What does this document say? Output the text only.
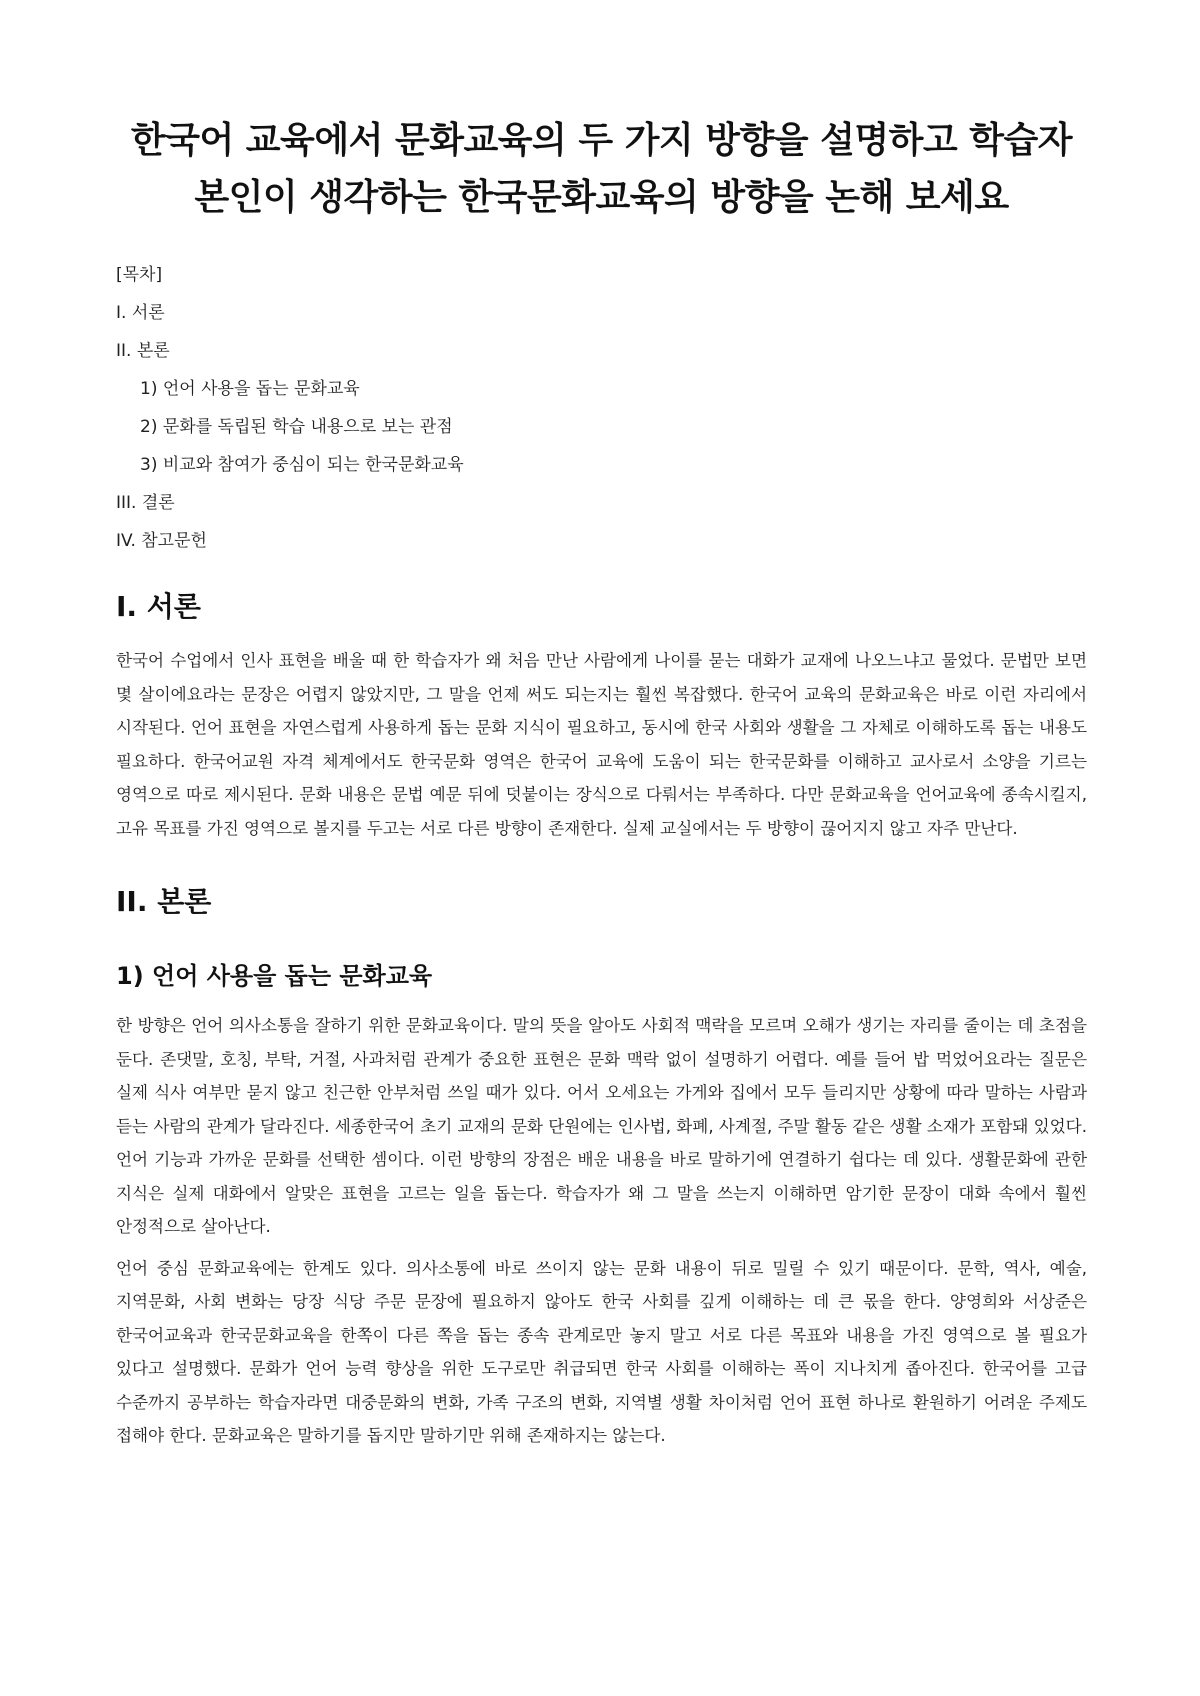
한국어 교육에서 문화교육의 두 가지 방향을 설명하고 학습자 본인이 생각하는 한국문화교육의 방향을 논해 보세요
[목차]
I. 서론
II. 본론
1) 언어 사용을 돕는 문화교육
2) 문화를 독립된 학습 내용으로 보는 관점
3) 비교와 참여가 중심이 되는 한국문화교육
III. 결론
IV. 참고문헌
I. 서론

한국어 수업에서 인사 표현을 배울 때 한 학습자가 왜 처음 만난 사람에게 나이를 묻는 대화가 교재에 나오느냐고 물었다. 문법만 보면 몇 살이에요라는 문장은 어렵지 않았지만, 그 말을 언제 써도 되는지는 훨씬 복잡했다. 한국어 교육의 문화교육은 바로 이런 자리에서 시작된다. 언어 표현을 자연스럽게 사용하게 돕는 문화 지식이 필요하고, 동시에 한국 사회와 생활을 그 자체로 이해하도록 돕는 내용도 필요하다. 한국어교원 자격 체계에서도 한국문화 영역은 한국어 교육에 도움이 되는 한국문화를 이해하고 교사로서 소양을 기르는 영역으로 따로 제시된다. 문화 내용은 문법 예문 뒤에 덧붙이는 장식으로 다뤄서는 부족하다. 다만 문화교육을 언어교육에 종속시킬지, 고유 목표를 가진 영역으로 볼지를 두고는 서로 다른 방향이 존재한다. 실제 교실에서는 두 방향이 끊어지지 않고 자주 만난다.

II. 본론
1) 언어 사용을 돕는 문화교육

한 방향은 언어 의사소통을 잘하기 위한 문화교육이다. 말의 뜻을 알아도 사회적 맥락을 모르며 오해가 생기는 자리를 줄이는 데 초점을 둔다. 존댓말, 호칭, 부탁, 거절, 사과처럼 관계가 중요한 표현은 문화 맥락 없이 설명하기 어렵다. 예를 들어 밥 먹었어요라는 질문은 실제 식사 여부만 묻지 않고 친근한 안부처럼 쓰일 때가 있다. 어서 오세요는 가게와 집에서 모두 들리지만 상황에 따라 말하는 사람과 듣는 사람의 관계가 달라진다. 세종한국어 초기 교재의 문화 단원에는 인사법, 화폐, 사계절, 주말 활동 같은 생활 소재가 포함돼 있었다. 언어 기능과 가까운 문화를 선택한 셈이다. 이런 방향의 장점은 배운 내용을 바로 말하기에 연결하기 쉽다는 데 있다. 생활문화에 관한 지식은 실제 대화에서 알맞은 표현을 고르는 일을 돕는다. 학습자가 왜 그 말을 쓰는지 이해하면 암기한 문장이 대화 속에서 훨씬 안정적으로 살아난다.

언어 중심 문화교육에는 한계도 있다. 의사소통에 바로 쓰이지 않는 문화 내용이 뒤로 밀릴 수 있기 때문이다. 문학, 역사, 예술, 지역문화, 사회 변화는 당장 식당 주문 문장에 필요하지 않아도 한국 사회를 깊게 이해하는 데 큰 몫을 한다. 양영희와 서상준은 한국어교육과 한국문화교육을 한쪽이 다른 쪽을 돕는 종속 관계로만 놓지 말고 서로 다른 목표와 내용을 가진 영역으로 볼 필요가 있다고 설명했다. 문화가 언어 능력 향상을 위한 도구로만 취급되면 한국 사회를 이해하는 폭이 지나치게 좁아진다. 한국어를 고급 수준까지 공부하는 학습자라면 대중문화의 변화, 가족 구조의 변화, 지역별 생활 차이처럼 언어 표현 하나로 환원하기 어려운 주제도 접해야 한다. 문화교육은 말하기를 돕지만 말하기만 위해 존재하지는 않는다.
